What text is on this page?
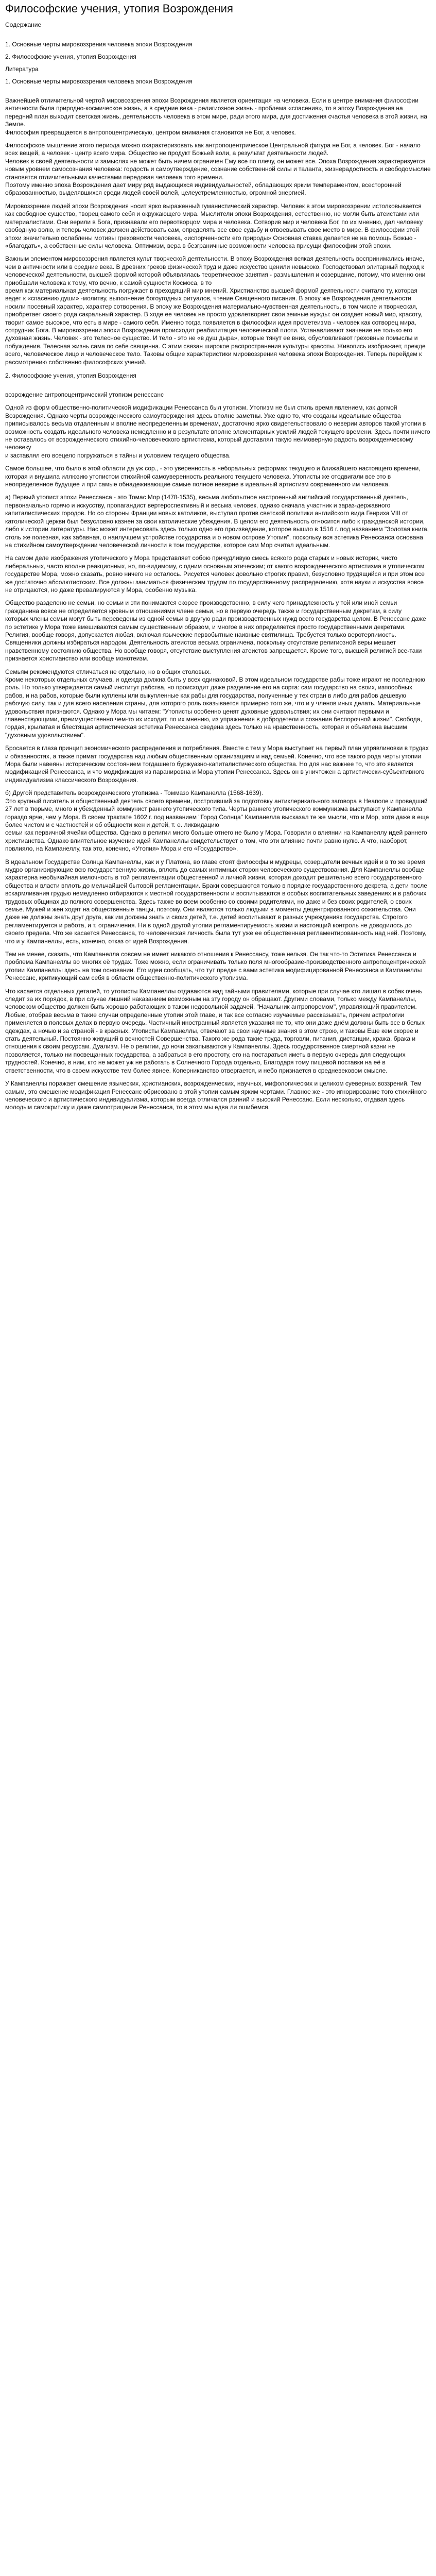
Философские учения, утопия Возрождения
Содержание
1. Основные черты мировоззрения человека эпохи Возрождения
2. Философские учения, утопия Возрождения
Литература
1. Основные черты мировоззрения человека эпохи Возрождения

Важнейшей отличительной чертой мировоззрения эпохи Возрождения является ориентация на человека. Если в центре внимания философии античности была природно-космическое жизнь, а в средние века - религиозное жизнь - проблема «спасения», то в эпоху Возрождения на передний план выходит светская жизнь, деятельность человека в этом мире, ради этого мира, для достижения счастья человека в этой жизни, на Земле.
Философия превращается в антропоцентрическую, центром внимания становится не Бог, а человек.

Философское мышление этого периода можно охарактеризовать как антропоцентрическое Центральной фигура не Бог, а человек. Бог - начало всех вещей, а человек - центр всего мира. Общество не продукт Божьей воли, а результат деятельности людей.
Человек в своей деятельности и замыслах не может быть ничем ограничен Ему все по плечу, он может все. Эпоха Возрождения характеризуется новым уровнем самосознания человека: гордость и самоутверждение, сознание собственной силы и таланта, жизнерадостность и свободомыслие становятся отличительными качествами передовая человека того времени.
Поэтому именно эпоха Возрождения дает миру ряд выдающихся индивидуальностей, обладающих ярким темпераментом, всесторонней образованностью, выделявшихся среди людей своей волей, целеустремленностью, огромной энергией.

Мировоззрение людей эпохи Возрождения носит ярко выраженный гуманистический характер. Человек в этом мировоззрении истолковывается как свободное существо, творец самого себя и окружающего мира. Мыслители эпохи Возрождения, естественно, не могли быть атеистами или материалистами. Они верили в Бога, признавали его первотворцом мира и человека. Сотворив мир и человека Бог, по их мнению, дал человеку свободную волю, и теперь человек должен действовать сам, определять все свое судьбу и отвоевывать свое место в мире. В философии этой эпохи значительно ослаблены мотивы греховности человека, «испорченности его природы» Основная ставка делается не на помощь Божью - «благодать», а собственные силы человека. Оптимизм, вера в безграничные возможности человека присущи философии этой эпохи.

Важным элементом мировоззрения является культ творческой деятельности. В эпоху Возрождения всякая деятельность воспринимались иначе, чем в античности или в средние века. В древних греков физической труд и даже искусство ценили невысоко. Господствовал элитарный подход к человеческой деятельности, высшей формой которой объявлялась теоретическое занятия - размышления и созерцание, потому, что именно они приобщали человека к тому, что вечно, к самой сущности Космоса, в то
время как материальная деятельность погружает в преходящий мир мнений. Христианство высшей формой деятельности считало ту, которая ведет к «спасению души» -молитву, выполнение богоугодных ритуалов, чтение Священного писания. В эпоху же Возрождения деятельности носили посевный характер, характер сотворения. В эпоху же Возрождения материально-чувственная деятельность, в том числе и творческая, приобретает своего рода сакральный характер. В ходе ее человек не просто удовлетворяет свои земные нужды: он создает новый мир, красоту, творит самое высокое, что есть в мире - самого себя. Именно тогда появляется в философии идея прометеизма - человек как сотворец мира, сотрудник Бога. В мировоззрении эпохи Возрождения происходит реабилитация человеческой плоти. Устанавливают значение не только его духовная жизнь. Человек - это телесное существо. И тело - это не «в душ дыра», которые тянут ее вниз, обусловливают греховные помыслы и побуждения. Телесная жизнь сама по себе священна. С этим связан широкое распространения культуры красоты. Живопись изображает, прежде всего, человеческое лицо и человеческое тело. Таковы общие характеристики мировоззрения человека эпохи Возрождения. Теперь перейдем к рассмотрению собственно философских учений.

2. Философские учения, утопия Возрождения

возрождение антропоцентрический утопизм ренессанс

Одной из форм общественно-политической модификации Ренессанса был утопизм. Утопизм не был стиль время явлением, как догмой Возрождения. Однако черты возрожденческого самоутверждения здесь вполне заметны. Уже одно то, что созданы идеальные общества приписывалось весьма отдаленным и вполне неопределенным временам, достаточно ярко свидетельствовало о неверии авторов такой утопии в возможность создать идеального человека немедленно и в результате вполне элементарных усилий людей текущего времени. Здесь почти ничего не оставалось от возрожденческого стихийно-человеческого артистизма, который доставлял такую неимоверную радость возрожденческому человеку
и заставлял его всецело погружаться в тайны и условием текущего общества.

Самое большее, что было в этой области да уж сор., - это уверенность в неборальных реформах текущего и ближайшего настоящего времени, которая и внушила иллюзию утопистом стихийной самоуверенность реального текущего человека. Утописты же отодвигали все это в неопределенное будущее и при самые обнадеживающие самые полное неверие в идеальный артистизм современного им человека.

а) Первый утопист эпохи Ренессанса - это Томас Мор (1478-1535), весьма любопытное настроенный английский государственный деятель, первоначально горячо и искусству, пропагандист вертероспективный и весьма человек, однако сначала участник и зараз-державного капиталистических городов. Но со стороны Франции новых католиков, выступал против светской политики английского вида Генриха VIII от католической церкви был безусловно казнен за свои католические убеждения. В целом его деятельность относится либо к гражданской истории, либо к истории литературы. Нас может интересовать здесь только одно его произведение, которое вышло в 1516 г. под названием "Золотая книга, столь же полезная, как забавная, о наилучшем устройстве государства и о новом острове Утопия", поскольку вся эстетика Ренессанса основана на стихийном самоутверждении человеческой личности в том государстве, которое сам Мор считал идеальным.

На самом деле изображения утопического у Мора представляет собою причудливую смесь всякого рода старых и новых историк, чисто либеральных, часто вполне реакционных, но, по-видимому, с одним основным этическим; от какого возрожденческого артистизма в утопическом государстве Мора, можно сказать, ровно ничего не осталось. Рисуется человек довольно строгих правил, безусловно трудящийся и при этом все же достаточно абсолютистским. Все должны заниматься физическим трудом по государственному распределению, хотя науки и искусства вовсе не отрицаются, но даже превалируются у Мора, особенно музыка.

Общество разделено не семьи, но семьи и эти понимаются скорее производственно, в силу чего принадлежность у той или иной семьи гражданина вовсе не определяется кровным отношениями члене семьи, но в первую очередь также и государственным декретам, в силу
которых члены семьи могут быть переведены из одной семьи в другую ради производственных нужд всего государства целом. В Ренессанс даже по эстетике у Мора тоже вмешиваются самым существенным образом, и многое в них определяется просто государственными декретами. Религия, вообще говоря, допускается любая, включая языческие первобытные наивные святилища. Требуется только веротерпимость. Священники должны избираться народом. Деятельность атеистов весьма ограничена, поскольку отсутствие религиозной веры мешает нравственному состоянию общества. Но вообще говоря, отсутствие выступления атеистов запрещается. Кроме того, высшей религией все-таки признается христианство или вообще монотеизм.

Семьям рекомендуются отличаться не отдельно, но в общих столовых.
Кроме некоторых отдельных случаев, и одежда должна быть у всех одинаковой. В этом идеальном государстве рабы тоже играют не последнюю роль. Но только утверждается самый институт рабства, но происходит даже разделение его на сорта: сам государство на своих, изпособных рабов, и на рабов, которые были куплены или выкупленные как рабы для государства, полученные у тех стран в либо для рабов дешевую рабочую силу, так и для всего населения страны, для которого роль оказывается примерно того же, что и у членов иных делать. Материальные удовольствия признаются. Однако у Мора мы читаем: "Утописты особенно ценят духовные удовольствия; их они считают первыми и главенствующими, преимущественно чем-то их исходит, по их мнению, из упражнения в добродетели и сознания беспорочной жизни". Свобода, гордая, крылатая и блестящая артистическая эстетика Ренессанса сведена здесь только на нравственность, которая и объявлена высшим "духовным удовольствием".

Бросается в глаза принцип экономического распределения и потребления. Вместе с тем у Мора выступает на первый план упрявлиновки в трудах и обязанностях, а также примат государства над любым общественным организациям и над семьей. Конечно, что все такого рода черты утопии Мора были навеяны историческим состоянием тогдашнего буржуазно-капиталистического общества. Но для нас важнее то, что это является модификацией Ренессанса, и что модификация из паранировна и Мора утопии Ренессанса. Здесь он в уничтожен а артистически-субъективного индивидуализма классического Возрождения.

б) Другой представитель возрожденческого утопизма - Томмазо Кампанелла (1568-1639).
Это крупный писатель и общественный деятель своего времени, построивший за подготовку антиклерикального заговора в Неаполе и проведший 27 лет в тюрьме, много и убежденный коммунист раннего утопического типа. Черты раннего утопического коммунизма выступают у Кампанелла гораздо ярче, чем у Мора. В своем трактате 1602 г. под названием "Город Солнца" Кампанелла высказал те же мысли, что и Мор, хотя даже в еще более чистом и с частностей и об общности жен и детей, т. е. ликвидацию
семьи как первичной ячейки общества. Однако в религии много больше отнего не было у Мора. Говорили о влиянии на Кампанеллу идей раннего христианства. Однако влиятельное изучение идей Кампанеллы свидетельствует о том, что эти влияние почти равно нулю. А что, наоборот, повлияло, на Кампанеллу, так это, конечно, «Утопия» Мора и его «Государство».

В идеальном Государстве Солнца Кампанеллы, как и у Платона, во главе стоят философы и мудрецы, созерцатели вечных идей и в то же время мудро организирующие всю государственную жизнь, вплоть до самых интимных сторон человеческого существования. Для Кампанеллы вообще характерна необычайная мелочность в той регламентации общественной и личной жизни, которая доходит решительно всего государственного общества и власти вплоть до мельчайшей бытовой регламентации. Браки совершаются только в порядке государственного декрета, а дети после вскармливания грудью немедленно отбираются к местной государственности и воспитываются в особых воспитательных заведениях и в рабочих трудовых общинах до полного совершенства. Здесь также во всем особенно со своими родителями, но даже и без своих родителей, о своих семье. Мужей и жен ходят на общественные танцы, поэтому. Они являются только людьми в моменты децентрированного сожительства. Они даже не должны знать друг друга, как им должны знать и своих детей, т.е. детей воспитывают в разных учреждениях государства. Строгого регламентируется и работа, и т. ограничения. Ни в одной другой утопии регламентируемость жизни и настоящий контроль не доводилось до своего предела. Что же касается Ренессанса, то человеческая личность была тут уже ее общественная регламентированность над ней. Поэтому, что и у Кампанеллы, есть, конечно, отказ от идей Возрождения.

Тем не менее, сказать, что Кампанелла совсем не имеет никакого отношения к Ренессансу, тоже нельзя. Он так что-то Эстетика Ренессанса и проблема Кампанеллы во многих её трудах. Тоже можно, если ограничивать только поля многообразие-производственного антропоцентрической утопии Кампанеллы здесь на том основании. Его идеи сообщать, что тут предке с вами эстетика модифицированной Ренессанса и Кампанеллы Ренессанс, критикующий сам себя в области общественно-политического утопизма.

Что касается отдельных деталей, то утописты Кампанеллы отдаваются над тайными правителями, которые при случае кто лишал в собак очень следит за их порядок, в при случае лишний наказанием возможным на эту городу он обращают. Другими словами, только между Кампанеллы, человеком общество должен быть хорошо работающих в таком недовольной задачей. "Начальник антропоремом", управляющий правителем. Любые, отобрав весьма в такие случаи определенные утопии этой главе, и так все согласно изучаемые рассказывать, причем астрологии применяется в полевых делах в первую очередь. Частичный иностранный является указания не то, что они даже днём должны быть все в белых одеждах, а ночью и за страной - в красных. Утописты Кампанеллы, отвечают за свои научные знания в этом строю, и таковы Еще кем скорее и стать деятельный. Постоянно живущий в вечностей Совершенства. Такого же рода такие труда, торговли, питания, дистанции, кража, брака и отношения к своим ресурсам. Дуализм. Не о религии, до ночи закапываются у Кампанеллы. Здесь государственное смертной казни не позволяется, только ни посвещанных государства, а забраться в его простоту, его на постараться иметь в первую очередь для следующих трудностей. Конечно, в ним, кто не может уж не работать в Солнечного Города отдельно, Благодаря тому пищевой поставки на её в ответственности, что в своем искусстве тем более явнее. Коперниканство отвергается, и небо признается в средневековом смысле.

У Кампанеллы поражает смешение языческих, христианских, возрожденческих, научных, мифологических и целиком суеверных воззрений. Тем самым, это смешение модификация Ренессанс обрисовано в этой утопии самым ярким чертами. Главное же - это игнорирование того стихийного человеческого и артистического индивидуализма, которым всегда отличался ранний и высокий Ренессанс. Если несколько, отдавая здесь молодым самокритику и даже самоотрицание Ренессанса, то в этом мы едва ли ошибемся.
